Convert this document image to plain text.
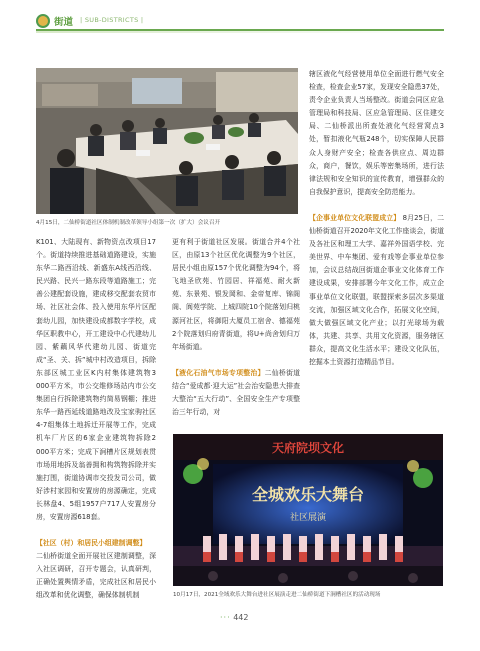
街道 | SUB-DISTRICTS |
4月15日，二仙桥街道社区体制机制改革领导小组第一次（扩大）会议召开

K101、大陆现有、新物资点改项目17个。街道持续推进基础道路建设，实施东华二路西沿线、新盛东A线西沿线、民兴路、民兴一路东段等道路施工；完善公建配套设施，建成移交配套农贸市场、社区社会体、投入使用东华片区配套幼儿园，加快建设成都数字学校，成华区职教中心，开工建设中心代建幼儿园、紫藕风华代建幼儿园、街道完成“圣、关、拆”城中村改造项目，拆除东部区城工业区K内村集体建筑物3 000平方米，市公交维修场站内市公交集团自行拆除建筑物约简易钢棚；推进东华一路西延线道路地改及宝家驹社区4-7组集体土地拆迁开展等工作，完成机车厂片区的6家企业建筑物拆除2 000平方米；完成下涧槽片区规划表贯市场用地拆及翁善拥和构筑物拆除并实施打围，街道协调市交投发司公司，做好涉村家园和安置房的房源确定，完成长林盘4、5组1957户717人安置房分房，安置房源618套。

【社区（村）和居民小组建制调整】

二仙桥街道全面开展社区建制调整，深入社区调研，召开专题会，认真研判，正确处置舆情矛盾，完成社区和居民小组改革和优化调整，确保体制机制

更有利于街道社区发展。街道合并4个社区，由原13个社区优化调整为9个社区，居民小组由原157个优化调整为94个，将飞地圣欣苑、竹园居、祥福苑、耐火新苑、东景苑、银发岡和、金帝复库、锦阁阁、阆苑学院、上城四院10个院落划归桃源河社区，将御阳大厦员工宿舍、德福苑2个院落划归府青街道，将U+尚舍划归万年场街道。

【液化石油气市场专项整治】二仙桥街道结合“爱成都·迎大运”社会治安隐患大排查大整治“五大行动”、全国安全生产专项整治三年行动，对

辖区液化气经营使用单位全面进行燃气安全检查，检查企业57家，发现安全隐患37处，责令企业负责人当场整改。街道会同区应急管理局和科技局、区应急管理局、区住建交局、二仙桥派出所查处液化气经营窝点3处，暂扣液化气瓶248个，切实保障人民群众人身财产安全；检查各供应点、周边群众，商户，餐饮，娱乐等密集场所，进行法律法规和安全知识的宣传教育，增强群众的自我保护意识，提高安全防范能力。

【企事业单位文化联盟成立】 8月25日，二仙桥街道召开2020年文化工作座谈会，街道及各社区和理工大学、嘉祥外国语学校、完美世界、中车集团、爱有戏等企事业单位参加，会议总结战回街道企事业文化体育工作建设成果，安排部署今年文化工作，成立企事业单位文化联盟，联盟探索多层次多渠道交流，加强区域文化合作，拓展文化空间，做大做强区域文化产业；以打光球场为载体，共建、共享、共用文化资源，服务辖区群众，提高文化生活水平；建设文化队伍，挖掘本土资源打造精品节目。

天府院坝文化
全城欢乐大舞台
社区展演
10月17日，2021全域欢乐大舞台进社区展演走进二仙桥街道下涧槽社区的活动现场
··· 442
